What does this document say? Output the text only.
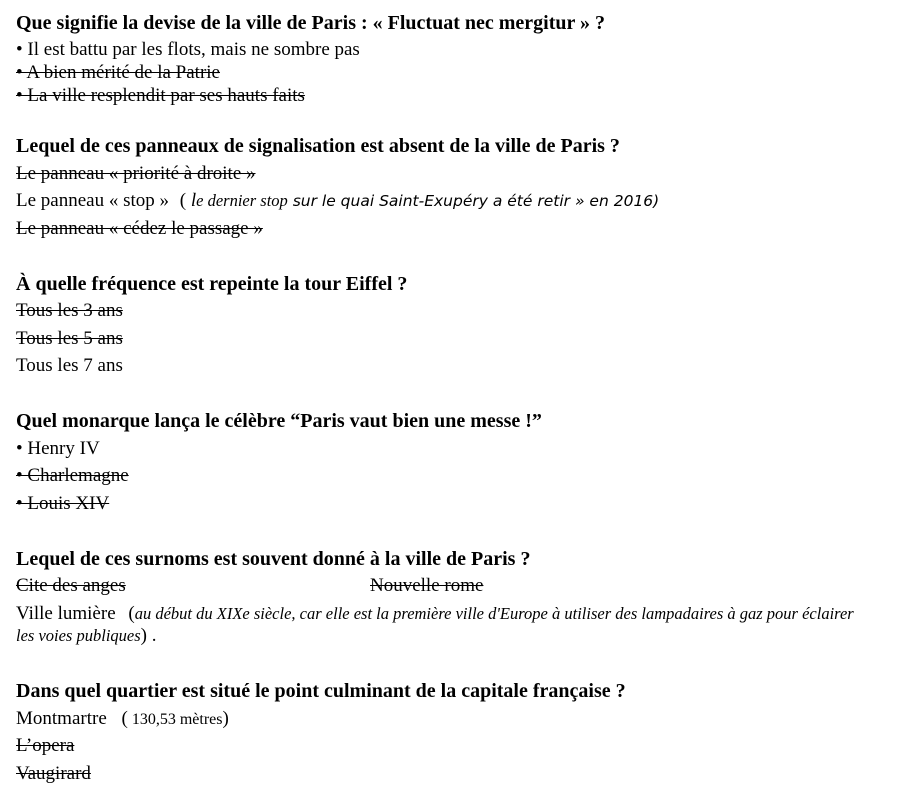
Que signifie la devise de la ville de Paris : « Fluctuat nec mergitur » ?
• Il est battu par les flots, mais ne sombre pas
• A bien mérité de la Patrie
• La ville resplendit par ses hauts faits
Lequel de ces panneaux de signalisation est absent de la ville de Paris ?
Le panneau « priorité à droite »
Le panneau « stop » ( le dernier stop sur le quai Saint-Exupéry a été retir » en 2016)
Le panneau « cédez le passage »
À quelle fréquence est repeinte la tour Eiffel ?
Tous les 3 ans
Tous les 5 ans
Tous les 7 ans
Quel monarque lança le célèbre “Paris vaut bien une messe !”
• Henry IV
• Charlemagne
• Louis XIV
Lequel de ces surnoms est souvent donné à la ville de Paris ?
Cite des anges	Nouvelle rome
Ville lumière (au début du XIXe siècle, car elle est la première ville d'Europe à utiliser des lampadaires à gaz pour éclairer les voies publiques) .
Dans quel quartier est situé le point culminant de la capitale française ?
Montmartre ( 130,53 mètres)
L’opera
Vaugirard
